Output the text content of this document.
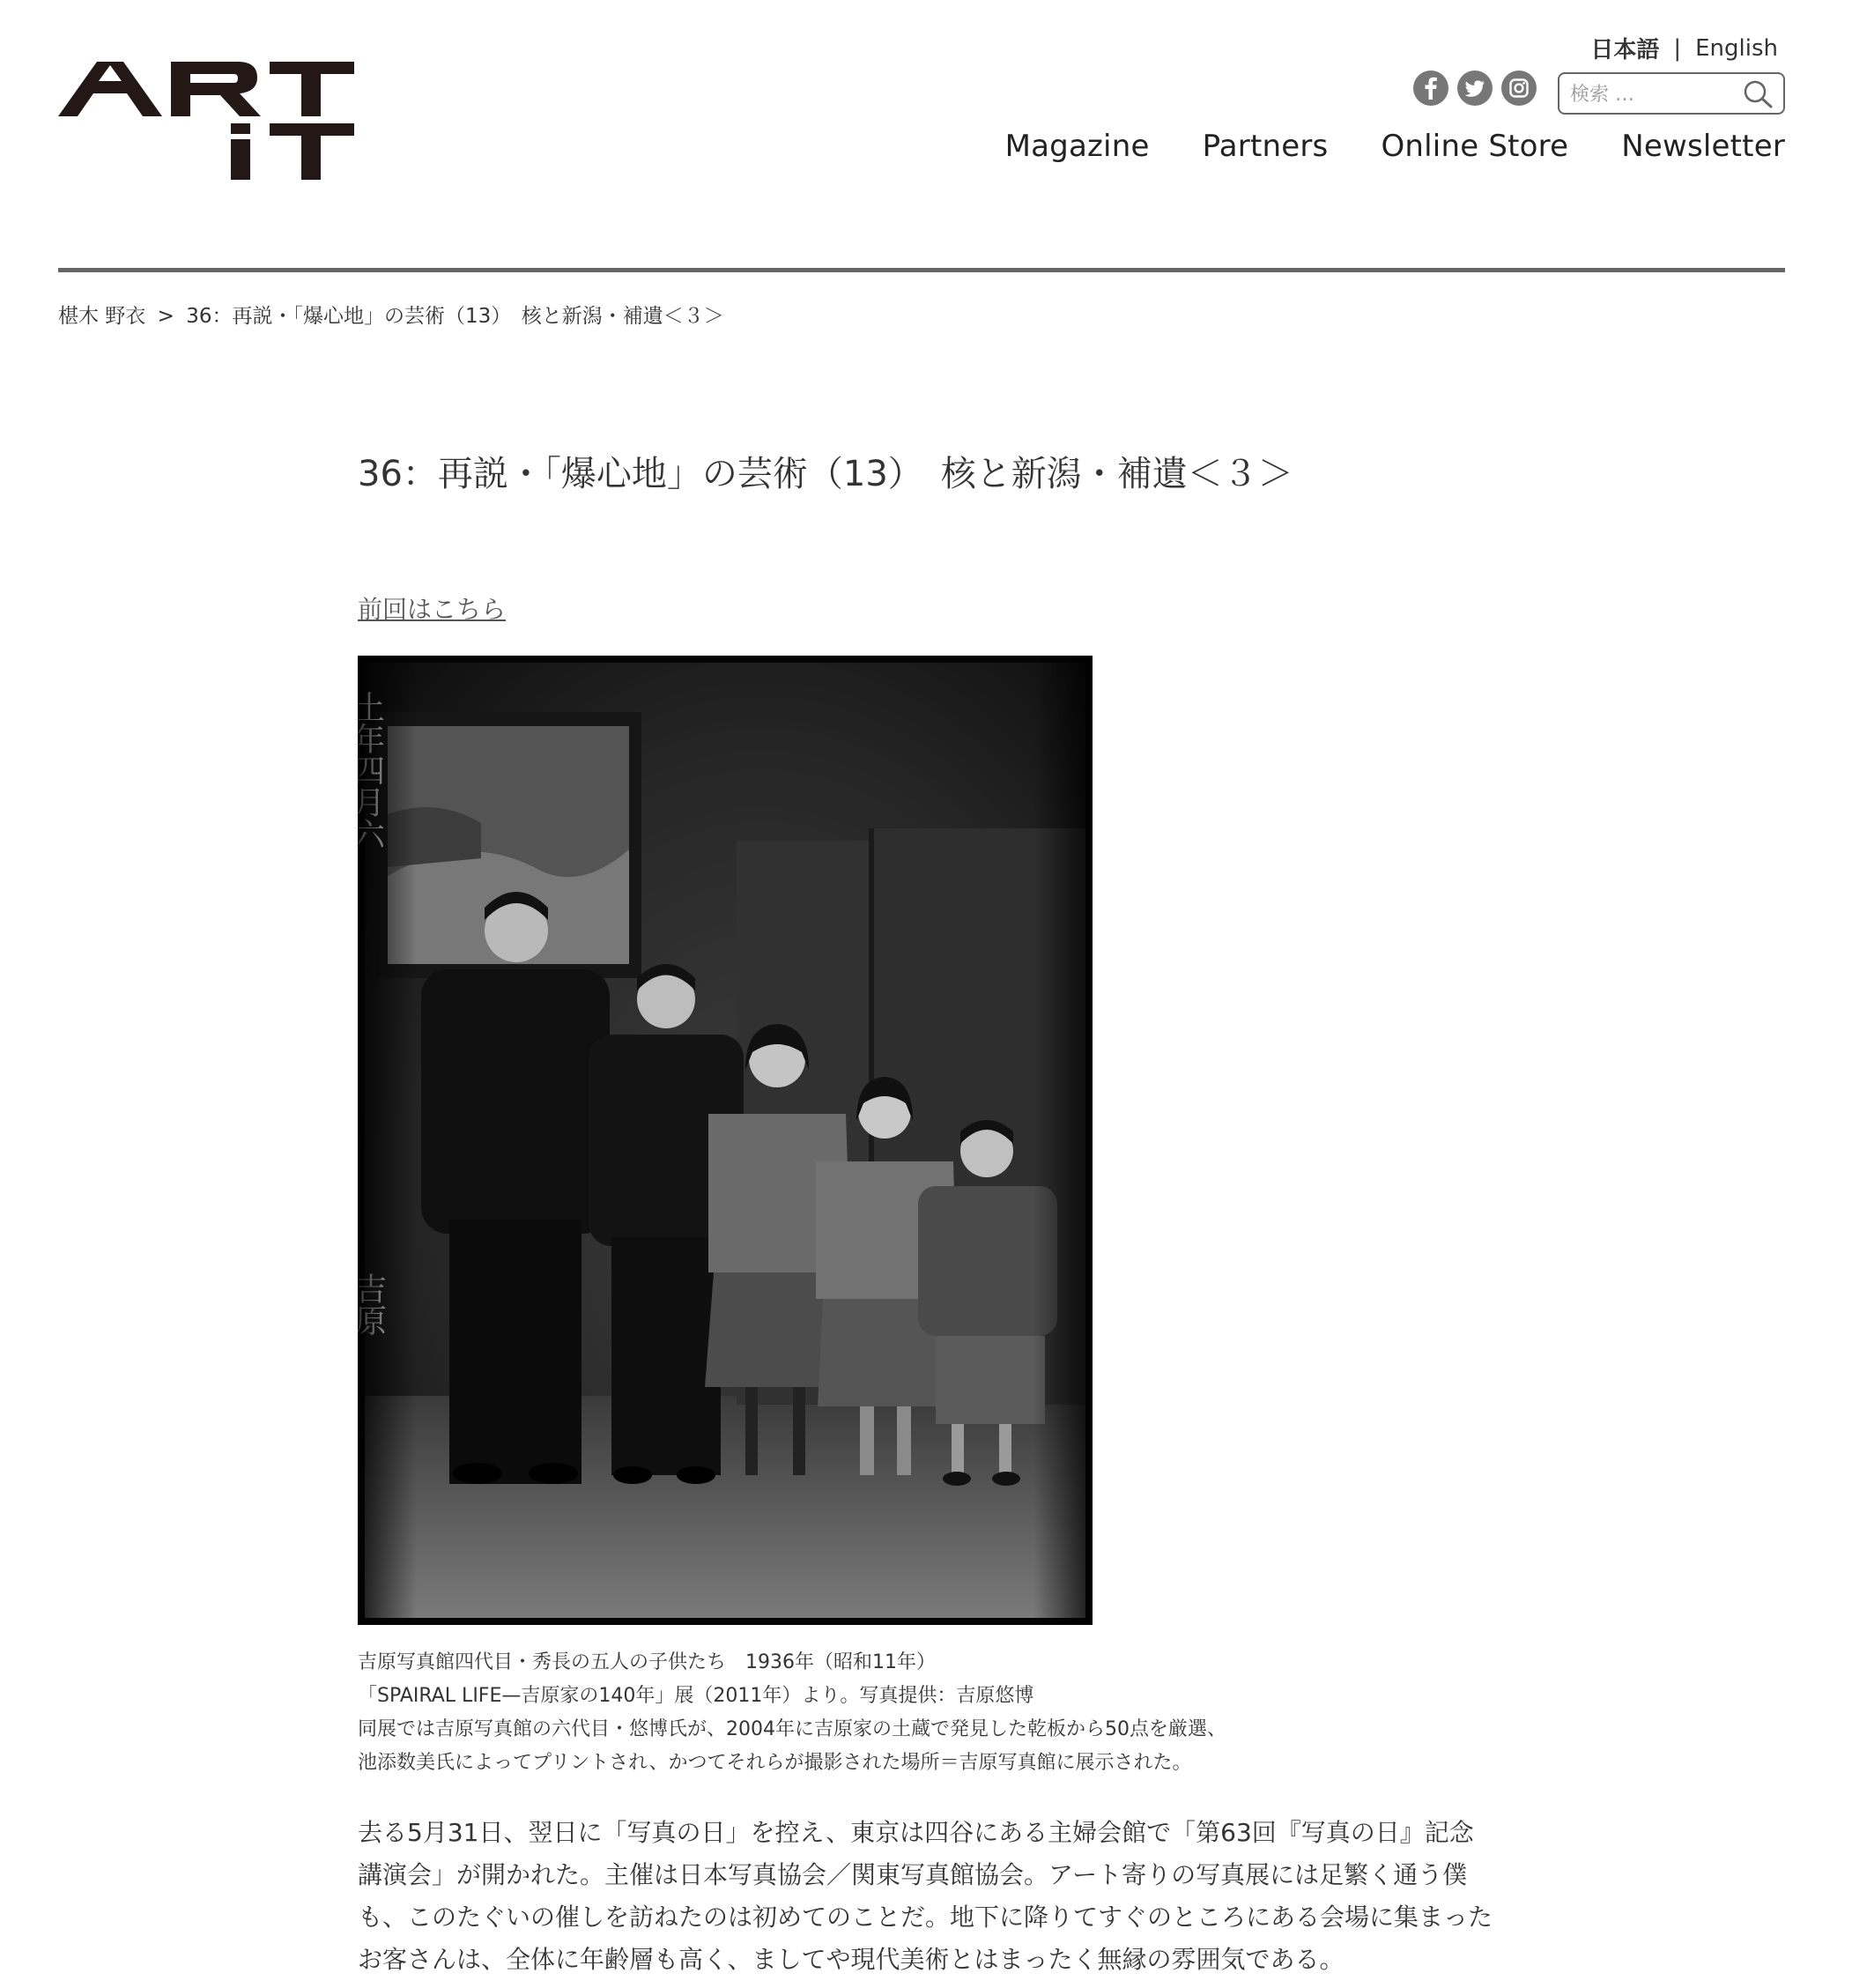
日本語 | English
検索 …
Magazine Partners Online Store Newsletter
椹木 野衣 > 36：再説・「爆心地」の芸術（13）　核と新潟・補遺＜３＞
36：再説・「爆心地」の芸術（13）　核と新潟・補遺＜３＞
前回はこちら
吉原写真館四代目・秀長の五人の子供たち　1936年（昭和11年）
「SPAIRAL LIFE—吉原家の140年」展（2011年）より。写真提供：吉原悠博
同展では吉原写真館の六代目・悠博氏が、2004年に吉原家の土蔵で発見した乾板から50点を厳選、
池添数美氏によってプリントされ、かつてそれらが撮影された場所＝吉原写真館に展示された。

去る5月31日、翌日に「写真の日」を控え、東京は四谷にある主婦会館で「第63回『写真の日』記念講演会」が開かれた。主催は日本写真協会／関東写真館協会。アート寄りの写真展には足繁く通う僕も、このたぐいの催しを訪ねたのは初めてのことだ。地下に降りてすぐのところにある会場に集まったお客さんは、全体に年齢層も高く、ましてや現代美術とはまったく無縁の雰囲気である。
